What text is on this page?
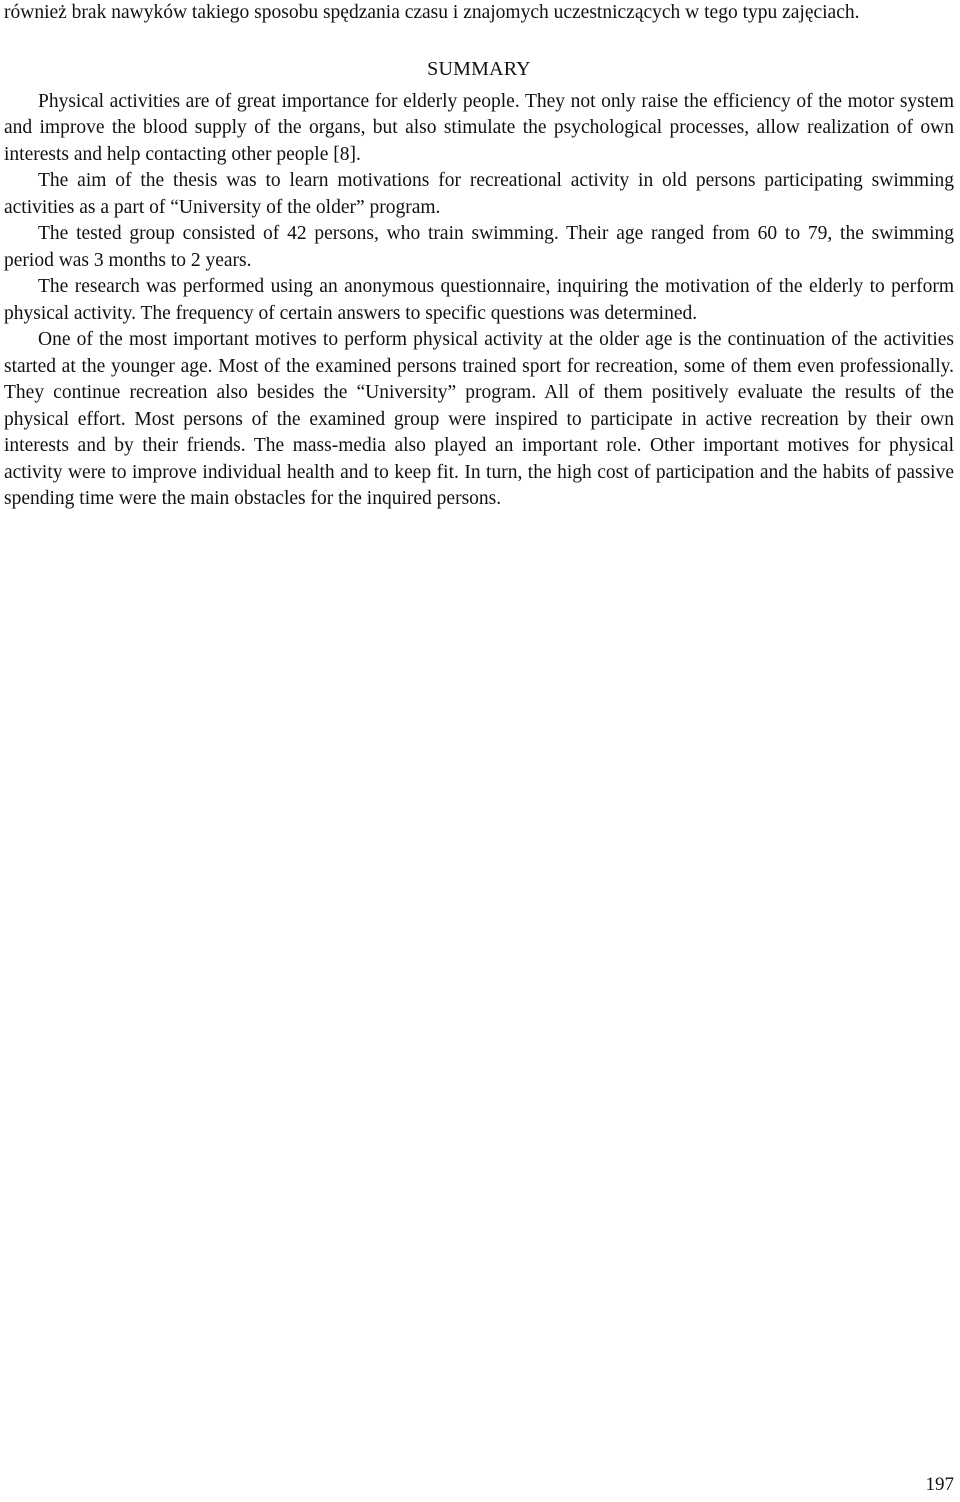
również brak nawyków takiego sposobu spędzania czasu i znajomych uczestniczących w tego typu zajęciach.

SUMMARY

Physical activities are of great importance for elderly people. They not only raise the efficiency of the motor system and improve the blood supply of the organs, but also stimulate the psychological processes, allow realization of own interests and help contacting other people [8].

The aim of the thesis was to learn motivations for recreational activity in old persons participating swimming activities as a part of “University of the older” program.

The tested group consisted of 42 persons, who train swimming. Their age ranged from 60 to 79, the swimming period was 3 months to 2 years.

The research was performed using an anonymous questionnaire, inquiring the motivation of the elderly to perform physical activity. The frequency of certain answers to specific questions was determined.

One of the most important motives to perform physical activity at the older age is the continuation of the activities started at the younger age. Most of the examined persons trained sport for recreation, some of them even professionally. They continue recreation also besides the “University” program. All of them positively evaluate the results of the physical effort. Most persons of the examined group were inspired to participate in active recreation by their own interests and by their friends. The mass-media also played an important role. Other important motives for physical activity were to improve individual health and to keep fit. In turn, the high cost of participation and the habits of passive spending time were the main obstacles for the inquired persons.

197
